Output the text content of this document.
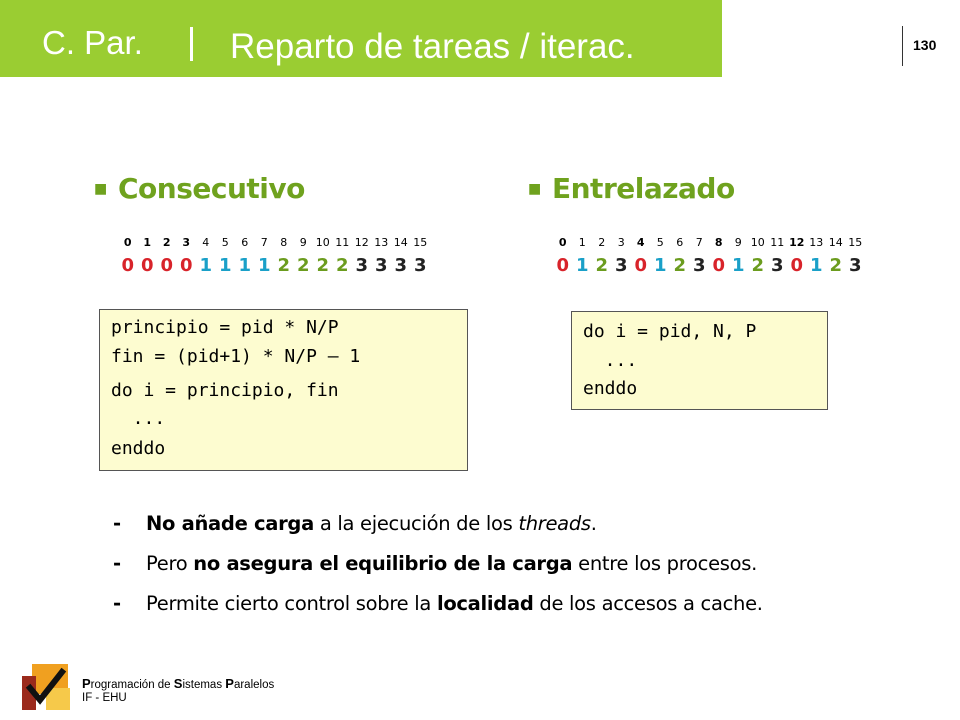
C. Par. Reparto de tareas / iterac.	130
■ Consecutivo
0	1	2	3	4	5	6	7	8	9 10 11 12 13 14 15
0 0 0 0 1 1 1 1 2 2 2 2 3 3 3 3
principio = pid * N/P
fin = (pid+1) * N/P – 1
do i = principio, fin
...
enddo
■ Entrelazado
0	1	2	3	4	5	6	7	8	9 10 11 12 13 14 15
0 1 2 3 0 1 2 3 0 1 2 3 0 1 2 3
do i = pid, N, P
...
enddo
- No añade carga a la ejecución de los threads.
- Pero no asegura el equilibrio de la carga entre los procesos.
- Permite cierto control sobre la localidad de los accesos a cache.
Programación de Sistemas Paralelos
IF - EHU
